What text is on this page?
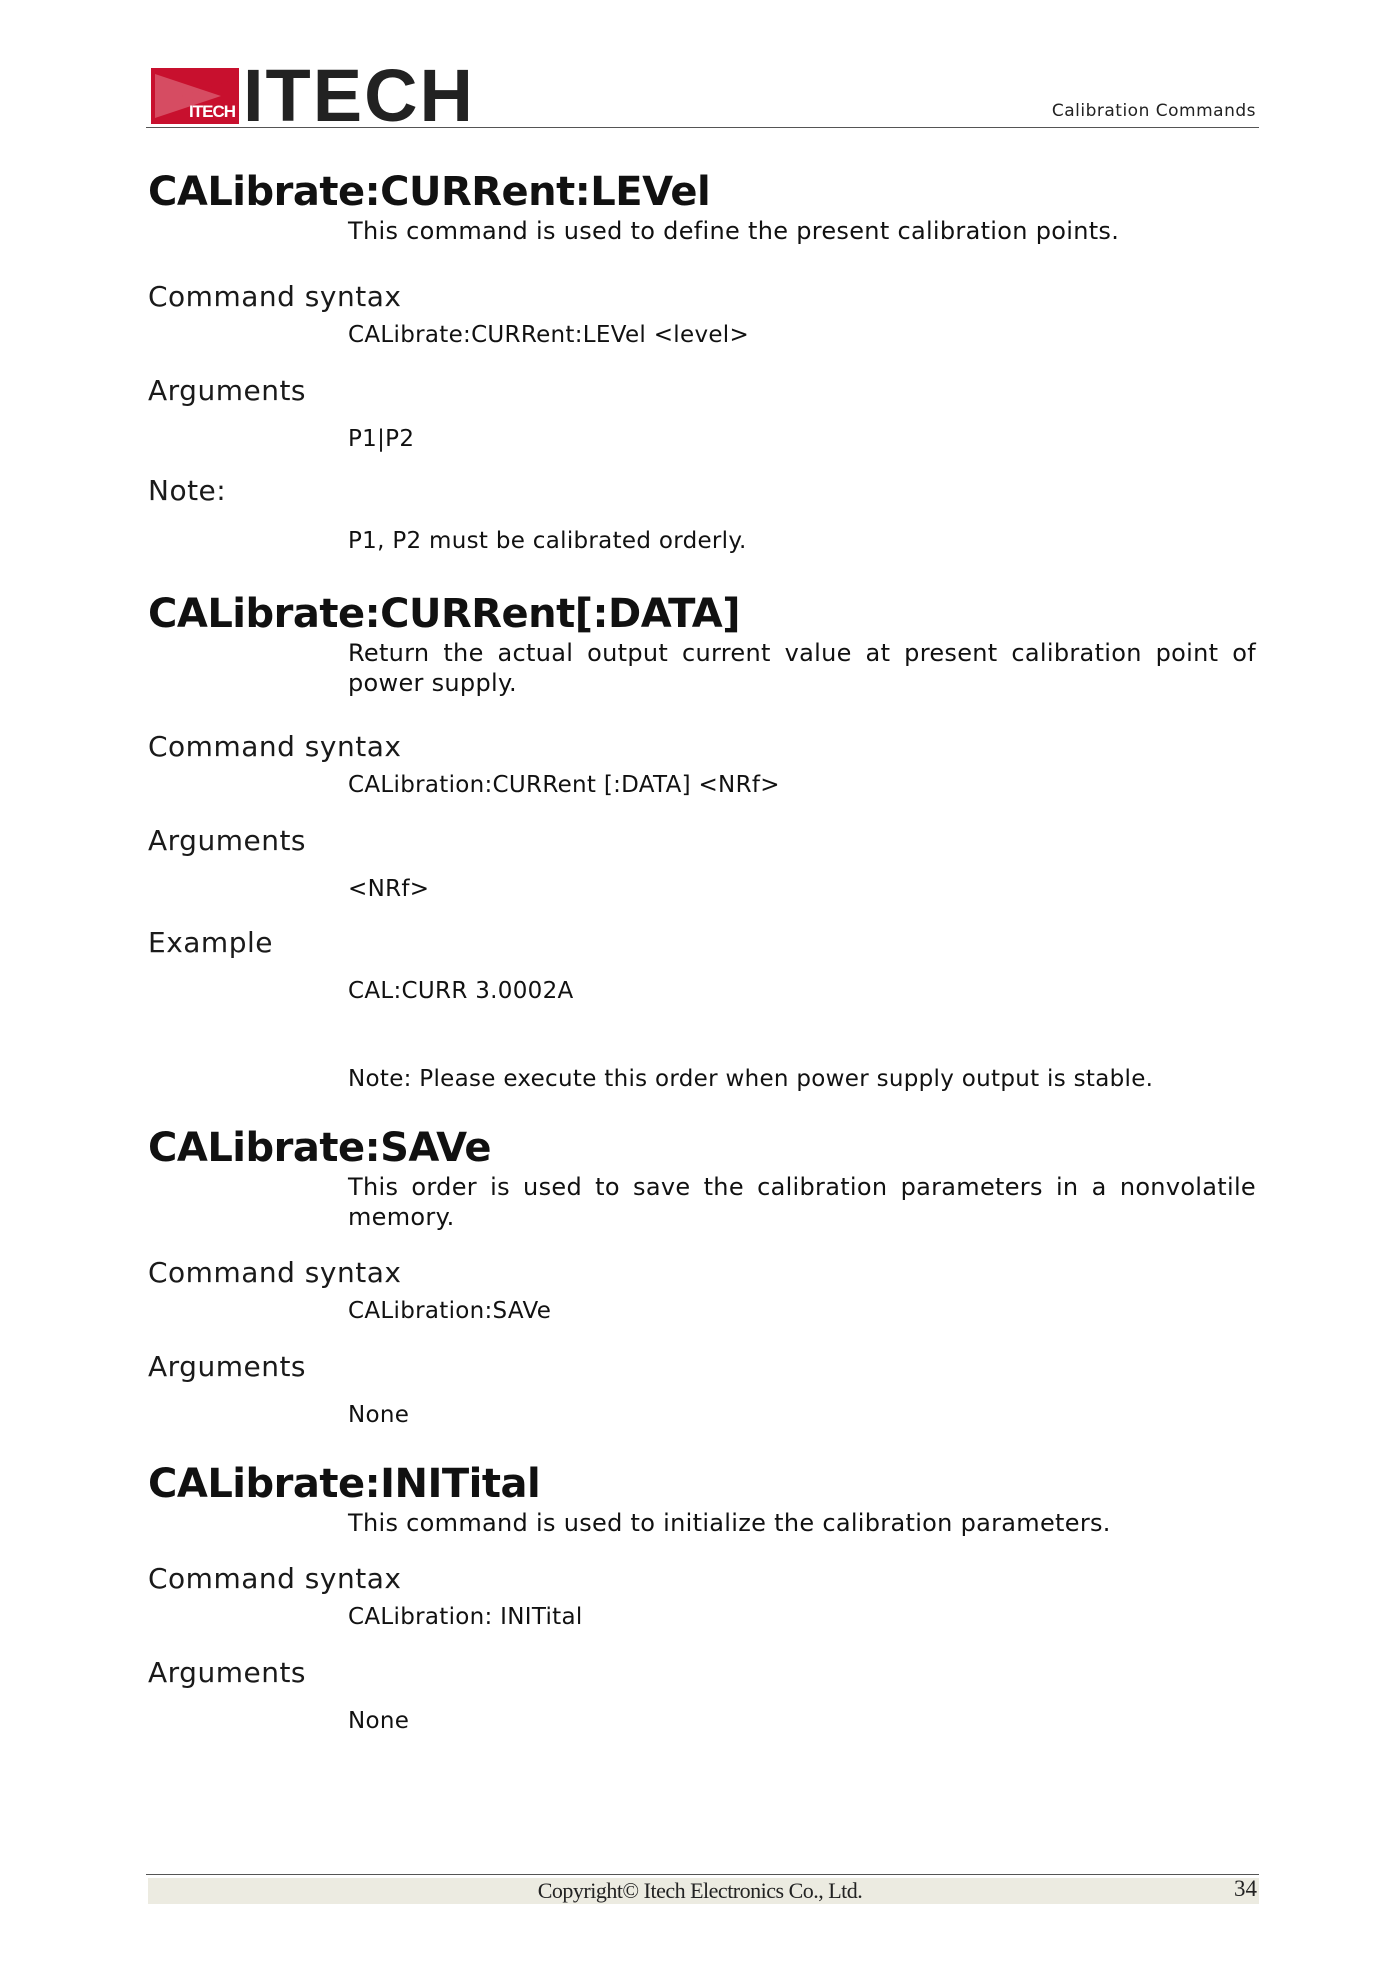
ITECH ITECH	Calibration Commands
CALibrate:CURRent:LEVel

This command is used to define the present calibration points.

Command syntax

CALibrate:CURRent:LEVel <level>

Arguments

P1|P2

Note:

P1, P2 must be calibrated orderly.

CALibrate:CURRent[:DATA]

Return the actual output current value at present calibration point of power supply.

Command syntax

CALibration:CURRent [:DATA] <NRf>

Arguments

<NRf>

Example

CAL:CURR 3.0002A

Note: Please execute this order when power supply output is stable.

CALibrate:SAVe

This order is used to save the calibration parameters in a nonvolatile memory.

Command syntax

CALibration:SAVe

Arguments

None

CALibrate:INITital

This command is used to initialize the calibration parameters.

Command syntax

CALibration: INITital

Arguments

None

Copyright© Itech Electronics Co., Ltd.	34
